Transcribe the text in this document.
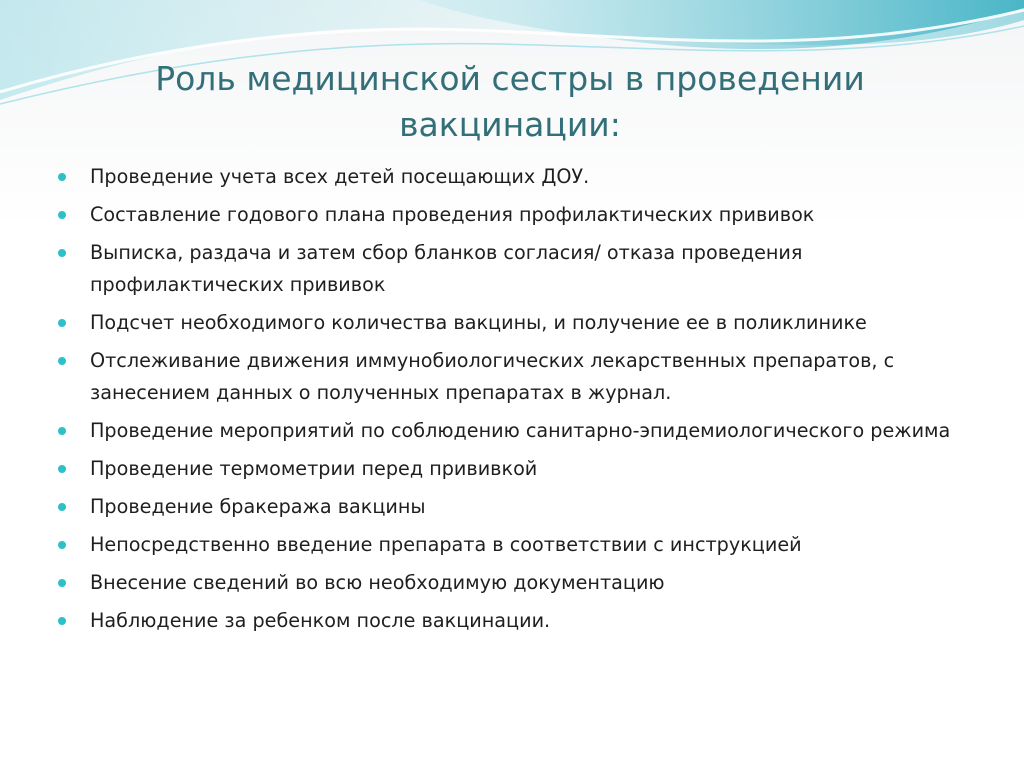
Роль медицинской сестры в проведении
вакцинации:
Проведение учета всех детей посещающих ДОУ.
Составление годового плана проведения профилактических прививок
Выписка, раздача и затем сбор бланков согласия/ отказа проведения профилактических прививок
Подсчет необходимого количества вакцины, и получение ее в поликлинике
Отслеживание движения иммунобиологических лекарственных препаратов, с занесением данных о полученных препаратах в журнал.
Проведение мероприятий по соблюдению санитарно-эпидемиологического режима
Проведение термометрии перед прививкой
Проведение бракеража вакцины
Непосредственно введение препарата в соответствии с инструкцией
Внесение сведений во всю необходимую документацию
Наблюдение за ребенком после вакцинации.
